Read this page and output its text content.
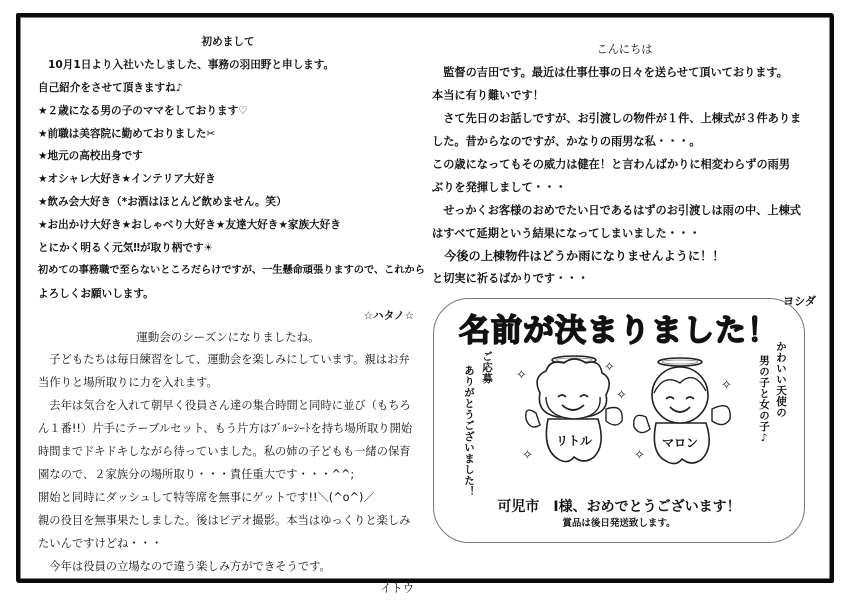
初めまして
10月1日より入社いたしました、事務の羽田野と申します。
自己紹介をさせて頂きますね♪
★２歳になる男の子のママをしております♡
★前職は美容院に勤めておりました✂
★地元の高校出身です
★オシャレ大好き★インテリア大好き
★飲み会大好き（*お酒はほとんど飲めません。笑）
★お出かけ大好き★おしゃべり大好き★友達大好き★家族大好き
とにかく明るく元気‼が取り柄です☀
初めての事務職で至らないところだらけですが、一生懸命頑張りますので、これから
よろしくお願いします。
☆ハタノ☆
運動会のシーズンになりましたね。
　子どもたちは毎日練習をして、運動会を楽しみにしています。親はお弁
当作りと場所取りに力を入れます。
　去年は気合を入れて朝早く役員さん達の集合時間と同時に並び（もちろ
ん１番!!）片手にテーブルセット、もう片方はﾌﾞﾙｰｼｰﾄを持ち場所取り開始
時間までドキドキしながら待っていました。私の姉の子どもも一緒の保育
園なので、２家族分の場所取り・・・責任重大です・・・^^;
開始と同時にダッシュして特等席を無事にゲットです!!＼(^o^)／
親の役目を無事果たしました。後はビデオ撮影。本当はゆっくりと楽しみ
たいんですけどね・・・
　今年は役員の立場なので違う楽しみ方ができそうです。
イトウ
こんにちは
　監督の吉田です。最近は仕事仕事の日々を送らせて頂いております。
本当に有り難いです！
　さて先日のお話しですが、お引渡しの物件が１件、上棟式が３件ありま
した。昔からなのですが、かなりの雨男な私・・・。
この歳になってもその威力は健在！と言わんばかりに相変わらずの雨男
ぶりを発揮しまして・・・
　せっかくお客様のおめでたい日であるはずのお引渡しは雨の中、上棟式
はすべて延期という結果になってしまいました・・・
　今後の上棟物件はどうか雨になりませんように！！
と切実に祈るばかりです・・・
ヨシダ
名前が決まりました！
ご応募
ありがとうございました！	かわいい天使の
男の子と女の子♪
✧
✧
✧
✧	✧
✧
リトル	マロン
可児市　I様、おめでとうございます！
賞品は後日発送致します。
